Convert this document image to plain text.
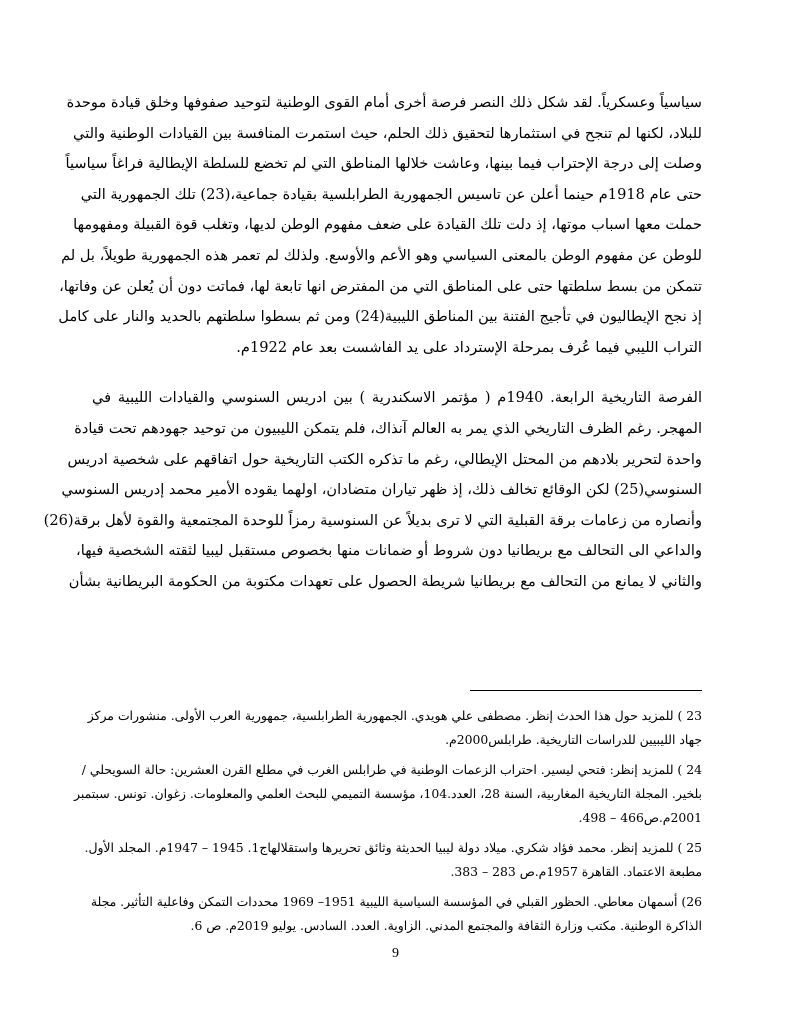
سياسياً وعسكرياً. لقد شكل ذلك النصر فرصة أخرى أمام القوى الوطنية لتوحيد صفوفها وخلق قيادة موحدة
للبلاد، لكنها لم تنجح في استثمارها لتحقيق ذلك الحلم، حيث استمرت المنافسة بين القيادات الوطنية والتي
وصلت إلى درجة الإحتراب فيما بينها، وعاشت خلالها المناطق التي لم تخضع للسلطة الإيطالية فراغاً سياسياً
حتى عام 1918م حينما أعلن عن تاسيس الجمهورية الطرابلسية بقيادة جماعية،(23) تلك الجمهورية التي
حملت معها اسباب موتها، إذ دلت تلك القيادة على ضعف مفهوم الوطن لديها، وتغلب قوة القبيلة ومفهومها
للوطن عن مفهوم الوطن بالمعنى السياسي وهو الأعم والأوسع. ولذلك لم تعمر هذه الجمهورية طويلاً، بل لم
تتمكن من بسط سلطتها حتى على المناطق التي من المفترض انها تابعة لها، فماتت دون أن يُعلن عن وفاتها،
إذ نجح الإيطاليون في تأجيج الفتنة بين المناطق الليبية(24) ومن ثم بسطوا سلطتهم بالحديد والنار على كامل
التراب الليبي فيما عُرف بمرحلة الإسترداد على يد الفاشست بعد عام 1922م.

الفرصة التاريخية الرابعة. 1940م ( مؤتمر الاسكندرية ) بين ادريس السنوسي والقيادات الليبية في
المهجر. رغم الظرف التاريخي الذي يمر به العالم آنذاك، فلم يتمكن الليبيون من توحيد جهودهم تحت قيادة
واحدة لتحرير بلادهم من المحتل الإيطالي، رغم ما تذكره الكتب التاريخية حول اتفاقهم على شخصية ادريس
السنوسي(25) لكن الوقائع تخالف ذلك، إذ ظهر تياران متضادان، اولهما يقوده الأمير محمد إدريس السنوسي
وأنصاره من زعامات برقة القبلية التي لا ترى بديلاً عن السنوسية رمزاً للوحدة المجتمعية والقوة لأهل برقة(26)
والداعي الى التحالف مع بريطانيا دون شروط أو ضمانات منها بخصوص مستقبل ليبيا لثقته الشخصية فيها،
والثاني لا يمانع من التحالف مع بريطانيا شريطة الحصول على تعهدات مكتوبة من الحكومة البريطانية بشأن

23 ) للمزيد حول هذا الحدث إنظر. مصطفى علي هويدي. الجمهورية الطرابلسية، جمهورية العرب الأولى. منشورات مركز
جهاد الليبيين للدراسات التاريخية. طرابلس2000م.
24 ) للمزيد إنظر: فتحي ليسير. احتراب الزعمات الوطنية في طرابلس الغرب في مطلع القرن العشرين: حالة السويحلي /
بلخير. المجلة التاريخية المغاربية، السنة 28، العدد.104، مؤسسة التميمي للبحث العلمي والمعلومات. زغوان. تونس. سبتمبر
2001م.ص466 – 498.
25 ) للمزيد إنظر. محمد فؤاد شكري. ميلاد دولة ليبيا الحديثة وثائق تحريرها واستقلالهاج1. 1945 – 1947م. المجلد الأول.
مطبعة الاعتماد. القاهرة 1957م.ص 283 – 383.
26) أسمهان معاطي. الحظور القبلي في المؤسسة السياسية الليبية 1951– 1969 محددات التمكن وفاعلية التأثير. مجلة
الذاكرة الوطنية. مكتب وزارة الثقافة والمجتمع المدني. الزاوية. العدد. السادس. يوليو 2019م. ص 6.
9
